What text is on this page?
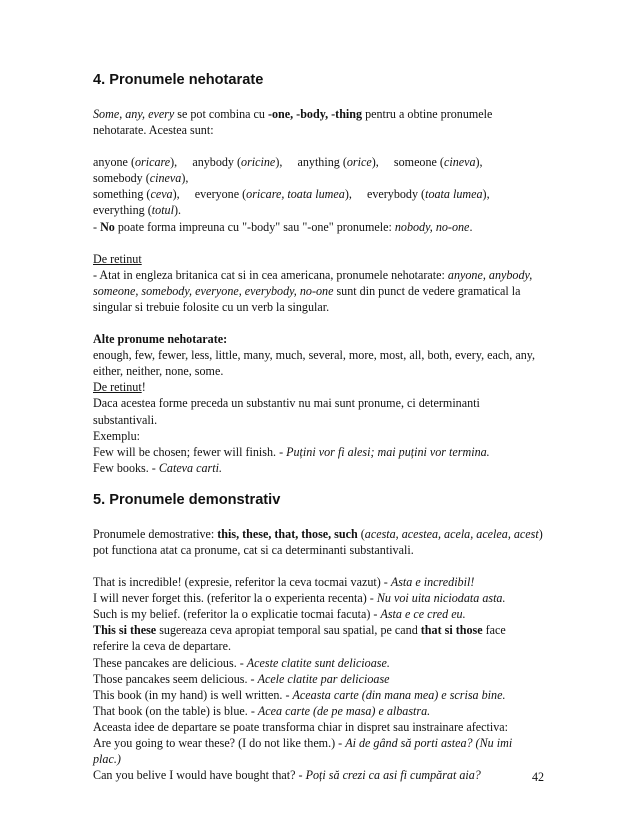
4. Pronumele nehotarate

Some, any, every se pot combina cu -one, -body, -thing pentru a obtine pronumele nehotarate. Acestea sunt:

anyone (oricare),     anybody (oricine),     anything (orice),     someone (cineva),
somebody (cineva),
something (ceva),     everyone (oricare, toata lumea),     everybody (toata lumea),
everything (totul).

- No poate forma impreuna cu "-body" sau "-one" pronumele: nobody, no-one.

De retinut

- Atat in engleza britanica cat si in cea americana, pronumele nehotarate: anyone, anybody, someone, somebody, everyone, everybody, no-one sunt din punct de vedere gramatical la singular si trebuie folosite cu un verb la singular.

Alte pronume nehotarate:

enough, few, fewer, less, little, many, much, several, more, most, all, both, every, each, any, either, neither, none, some.

De retinut!

Daca acestea forme preceda un substantiv nu mai sunt pronume, ci determinanti substantivali.

Exemplu:

Few will be chosen; fewer will finish. - Puțini vor fi alesi; mai puțini vor termina.

Few books. - Cateva carti.

5. Pronumele demonstrativ

Pronumele demostrative: this, these, that, those, such (acesta, acestea, acela, acelea, acest) pot functiona atat ca pronume, cat si ca determinanti substantivali.

That is incredible! (expresie, referitor la ceva tocmai vazut) - Asta e incredibil!

I will never forget this. (referitor la o experienta recenta) - Nu voi uita niciodata asta.

Such is my belief. (referitor la o explicatie tocmai facuta) - Asta e ce cred eu.

This si these sugereaza ceva apropiat temporal sau spatial, pe cand that si those face referire la ceva de departare.

These pancakes are delicious. - Aceste clatite sunt delicioase.

Those pancakes seem delicious. - Acele clatite par delicioase

This book (in my hand) is well written. - Aceasta carte (din mana mea) e scrisa bine.

That book (on the table) is blue. - Acea carte (de pe masa) e albastra.

Aceasta idee de departare se poate transforma chiar in dispret sau instrainare afectiva:

Are you going to wear these? (I do not like them.) - Ai de gând să porti astea? (Nu imi plac.)

Can you belive I would have bought that? - Poți să crezi ca asi fi cumpărat aia?	42
